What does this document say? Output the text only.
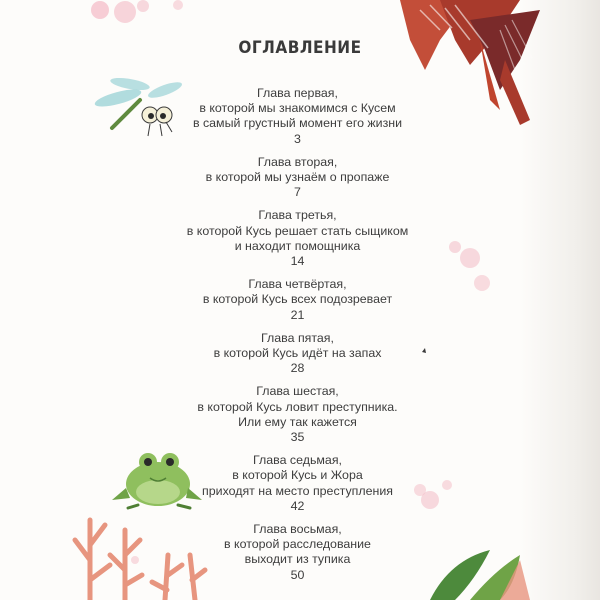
ОГЛАВЛЕНИЕ
Глава первая,
в которой мы знакомимся с Кусем
в самый грустный момент его жизни
3
Глава вторая,
в которой мы узнаём о пропаже
7
Глава третья,
в которой Кусь решает стать сыщиком
и находит помощника
14
Глава четвёртая,
в которой Кусь всех подозревает
21
Глава пятая,
в которой Кусь идёт на запах
28
Глава шестая,
в которой Кусь ловит преступника.
Или ему так кажется
35
Глава седьмая,
в которой Кусь и Жора
приходят на место преступления
42
Глава восьмая,
в которой расследование
выходит из тупика
50
